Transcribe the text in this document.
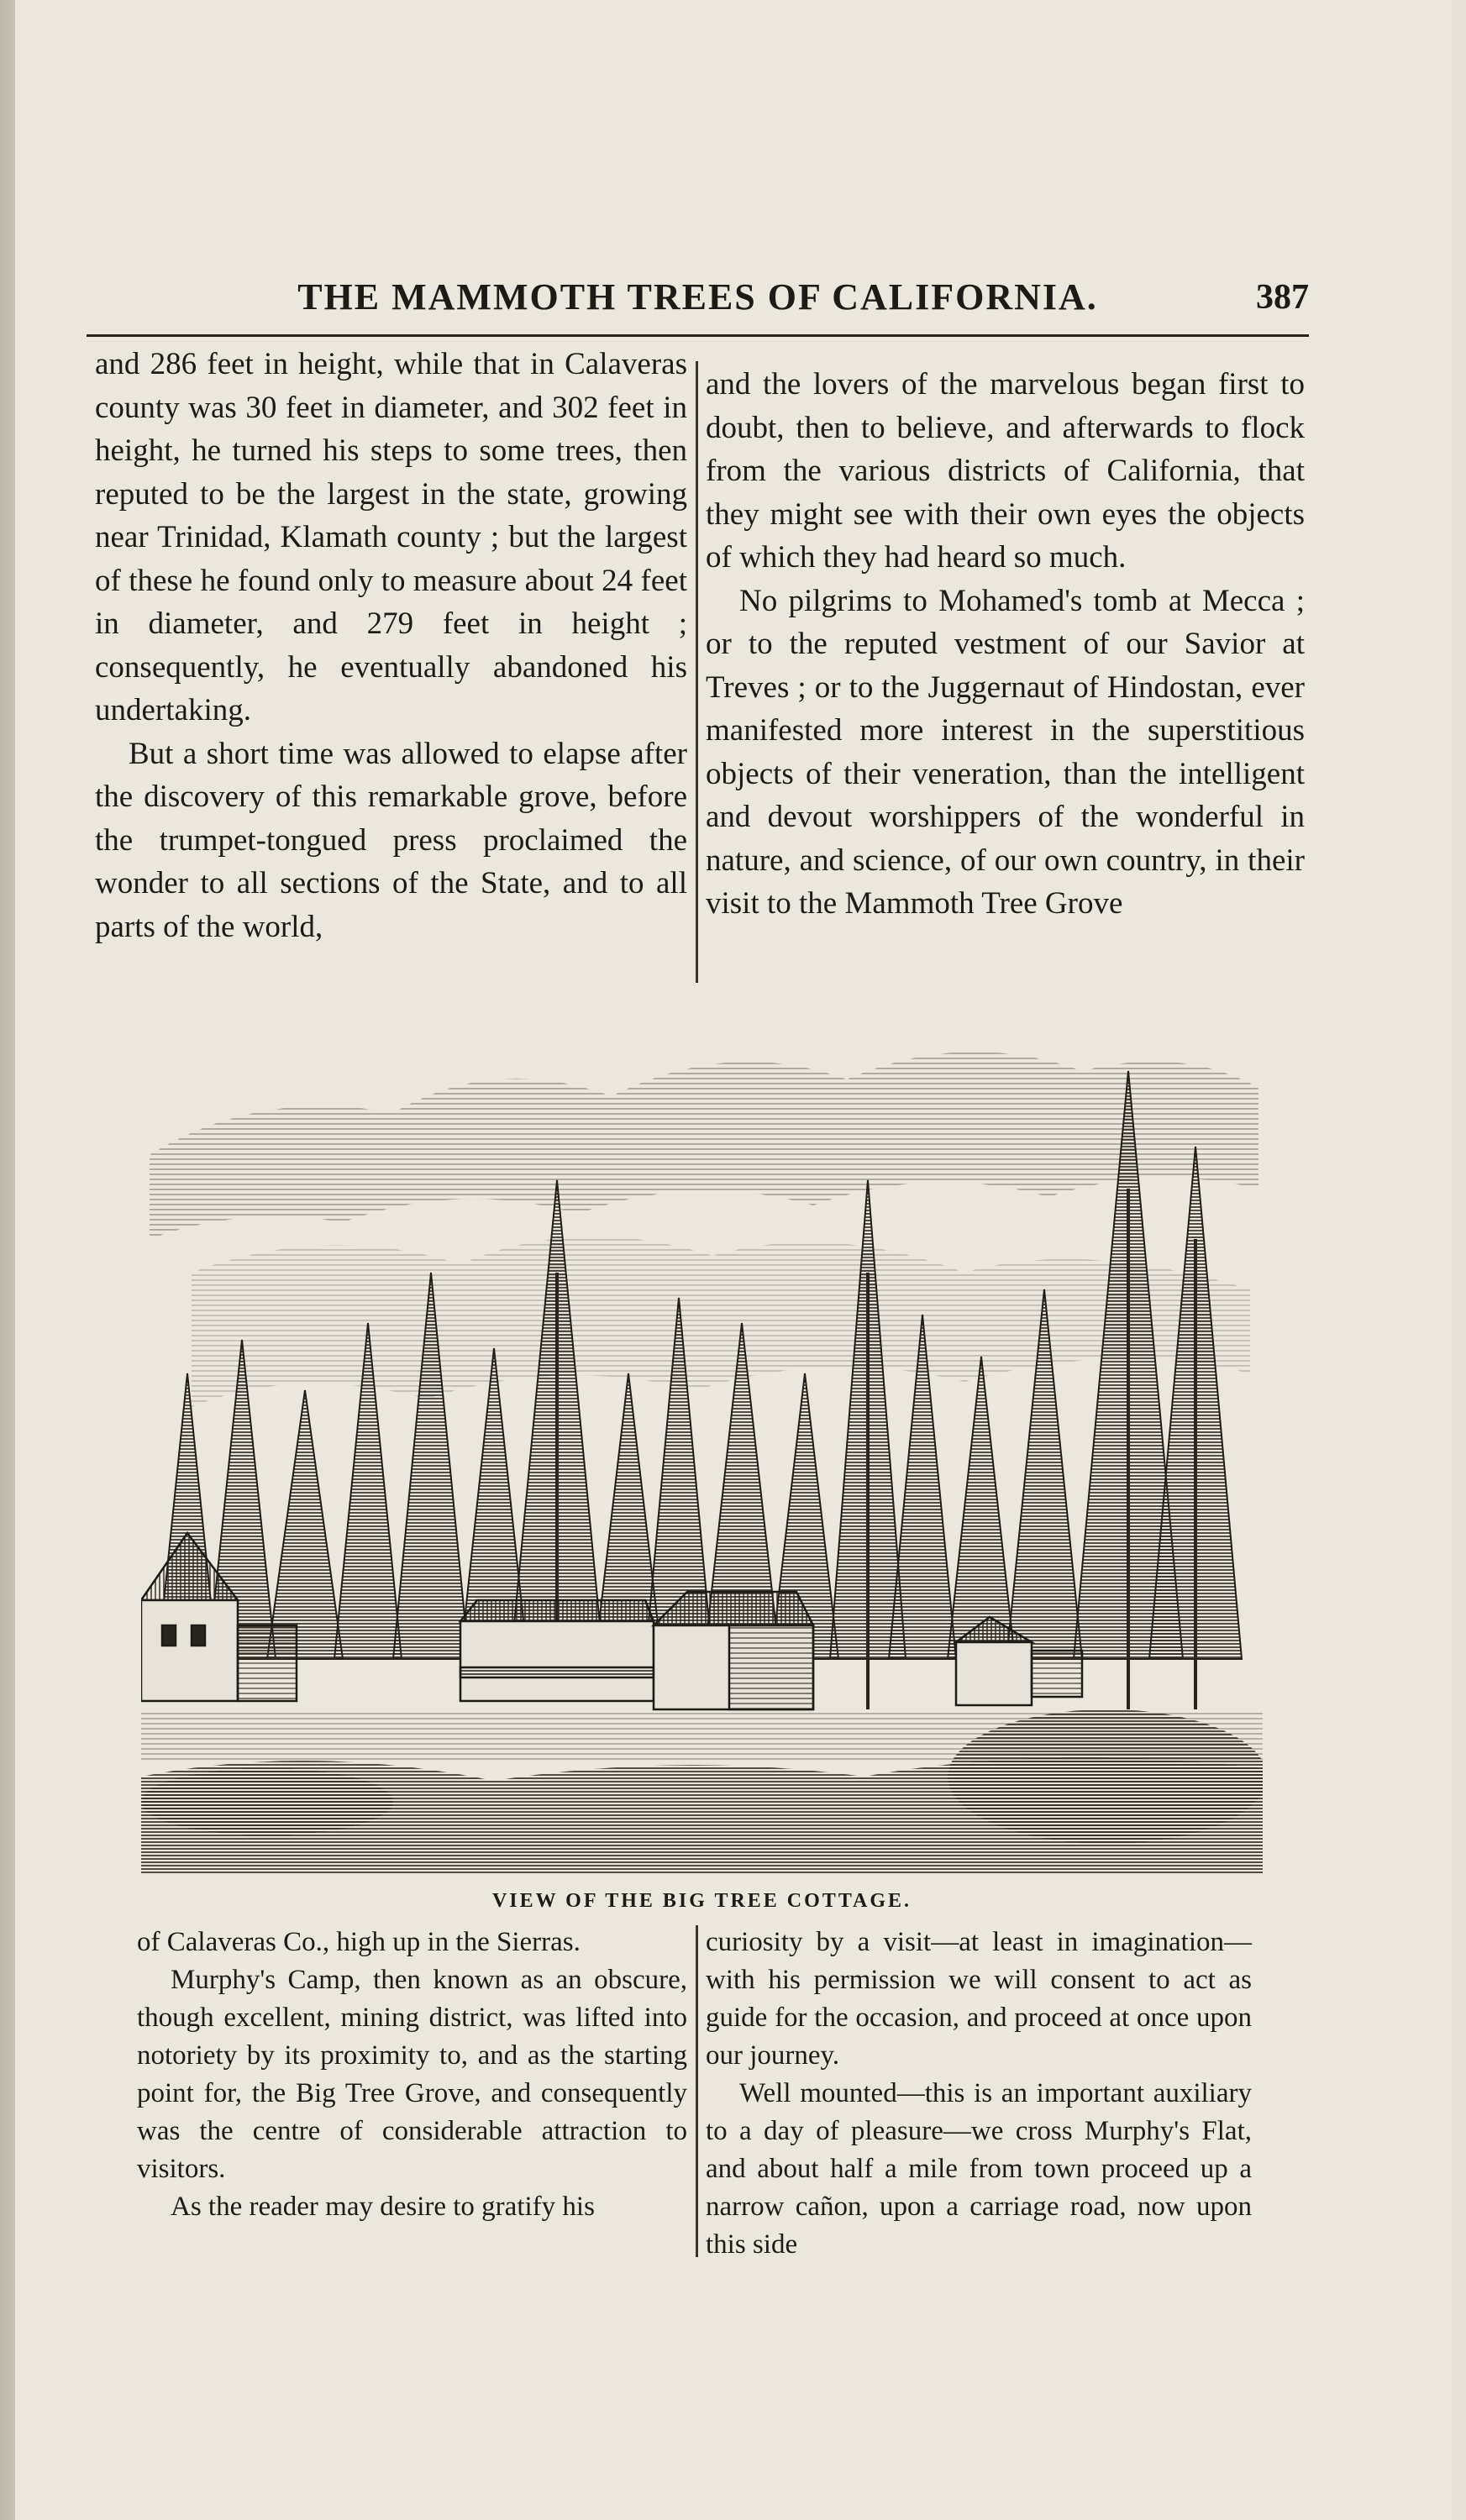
THE MAMMOTH TREES OF CALIFORNIA.	387

and 286 feet in height, while that in Calaveras county was 30 feet in diameter, and 302 feet in height, he turned his steps to some trees, then reputed to be the largest in the state, growing near Trinidad, Klamath county ; but the largest of these he found only to measure about 24 feet in diameter, and 279 feet in height ; consequently, he eventually abandoned his undertaking.

But a short time was allowed to elapse after the discovery of this remarkable grove, before the trumpet-tongued press proclaimed the wonder to all sections of the State, and to all parts of the world,

and the lovers of the marvelous began first to doubt, then to believe, and afterwards to flock from the various districts of California, that they might see with their own eyes the objects of which they had heard so much.

No pilgrims to Mohamed's tomb at Mecca ; or to the reputed vestment of our Savior at Treves ; or to the Juggernaut of Hindostan, ever manifested more interest in the superstitious objects of their veneration, than the intelligent and devout worshippers of the wonderful in nature, and science, of our own country, in their visit to the Mammoth Tree Grove

VIEW OF THE BIG TREE COTTAGE.

of Calaveras Co., high up in the Sierras.

Murphy's Camp, then known as an obscure, though excellent, mining district, was lifted into notoriety by its proximity to, and as the starting point for, the Big Tree Grove, and consequently was the centre of considerable attraction to visitors.

As the reader may desire to gratify his

curiosity by a visit—at least in imagination—with his permission we will consent to act as guide for the occasion, and proceed at once upon our journey.

Well mounted—this is an important auxiliary to a day of pleasure—we cross Murphy's Flat, and about half a mile from town proceed up a narrow cañon, upon a carriage road, now upon this side
